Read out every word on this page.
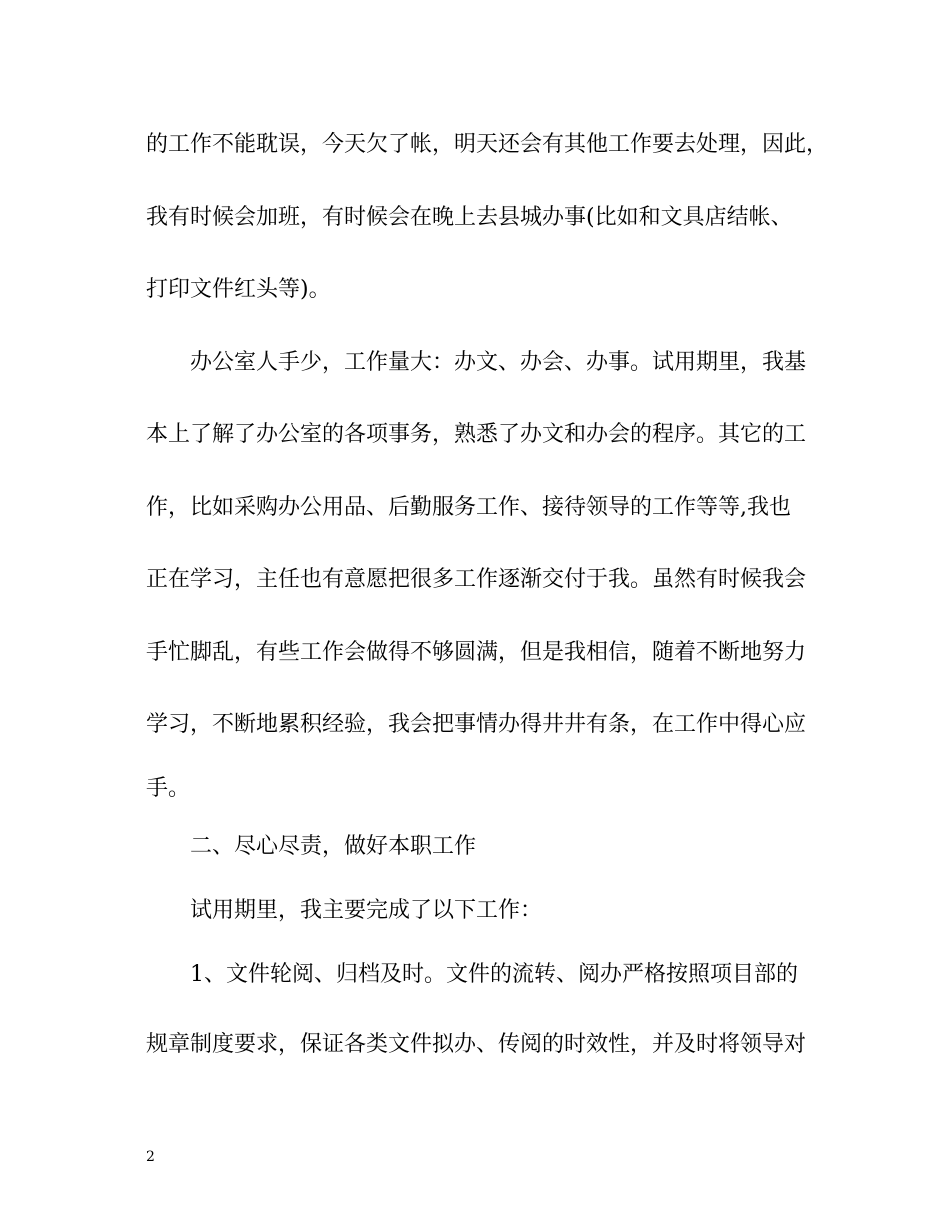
的工作不能耽误，今天欠了帐，明天还会有其他工作要去处理，因此，
我有时候会加班，有时候会在晚上去县城办事(比如和文具店结帐、
打印文件红头等)。
办公室人手少，工作量大：办文、办会、办事。试用期里，我基
本上了解了办公室的各项事务，熟悉了办文和办会的程序。其它的工
作，比如采购办公用品、后勤服务工作、接待领导的工作等等,我也
正在学习，主任也有意愿把很多工作逐渐交付于我。虽然有时候我会
手忙脚乱，有些工作会做得不够圆满，但是我相信，随着不断地努力
学习，不断地累积经验，我会把事情办得井井有条，在工作中得心应
手。
二、尽心尽责，做好本职工作
试用期里，我主要完成了以下工作：
1、文件轮阅、归档及时。文件的流转、阅办严格按照项目部的
规章制度要求，保证各类文件拟办、传阅的时效性，并及时将领导对
2
